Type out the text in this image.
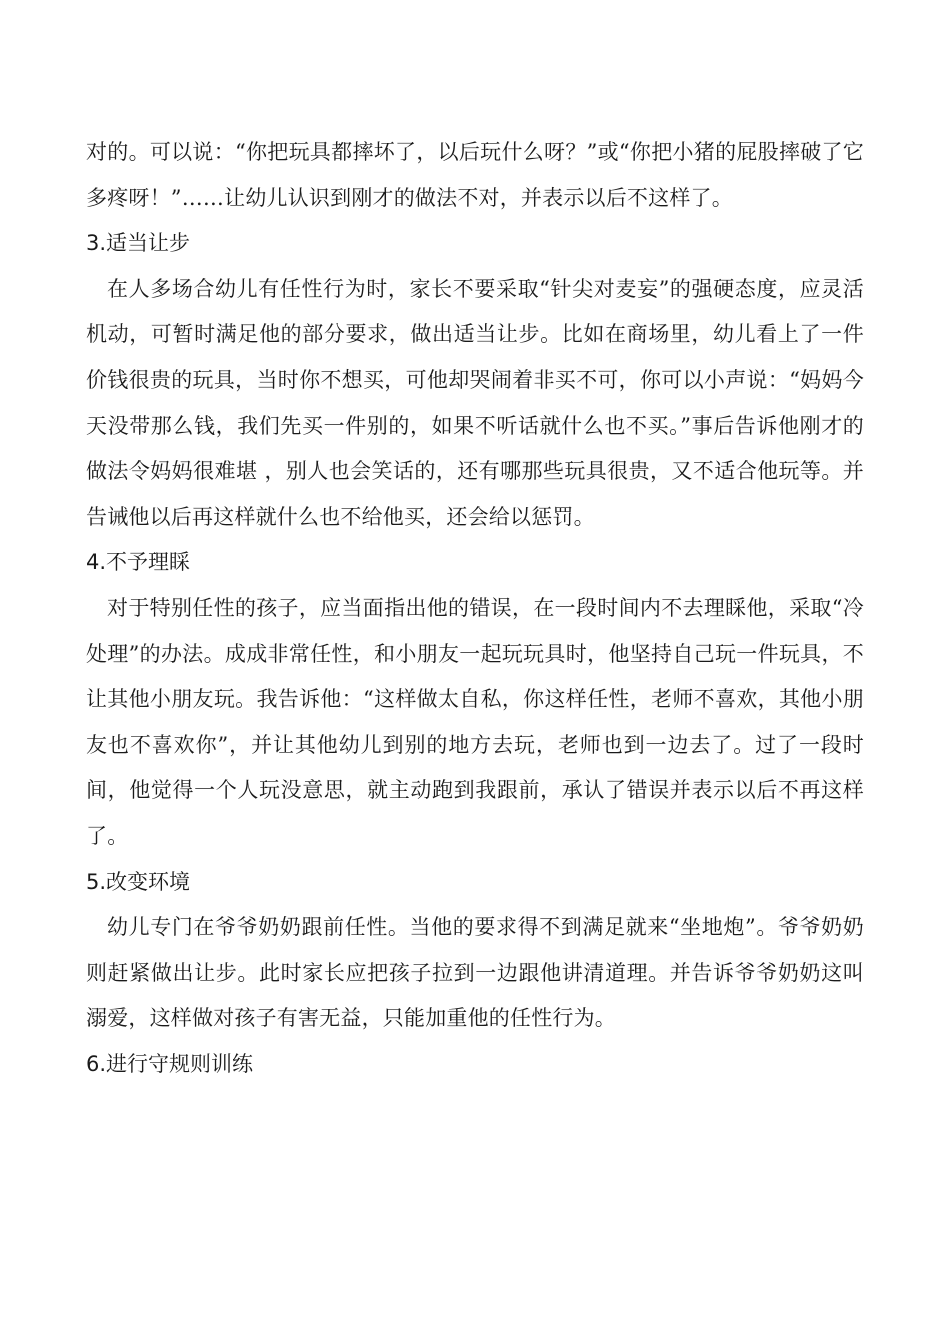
对的。可以说：“你把玩具都摔坏了，以后玩什么呀？”或“你把小猪的屁股摔破了它多疼呀！”……让幼儿认识到刚才的做法不对，并表示以后不这样了。

3.适当让步

在人多场合幼儿有任性行为时，家长不要采取“针尖对麦妄”的强硬态度，应灵活机动，可暂时满足他的部分要求，做出适当让步。比如在商场里，幼儿看上了一件价钱很贵的玩具，当时你不想买，可他却哭闹着非买不可，你可以小声说：“妈妈今天没带那么钱，我们先买一件别的，如果不听话就什么也不买。”事后告诉他刚才的做法令妈妈很难堪 ，别人也会笑话的，还有哪那些玩具很贵，又不适合他玩等。并告诫他以后再这样就什么也不给他买，还会给以惩罚。

4.不予理睬

对于特别任性的孩子，应当面指出他的错误，在一段时间内不去理睬他，采取“冷处理”的办法。成成非常任性，和小朋友一起玩玩具时，他坚持自己玩一件玩具，不让其他小朋友玩。我告诉他：“这样做太自私，你这样任性，老师不喜欢，其他小朋友也不喜欢你”，并让其他幼儿到别的地方去玩，老师也到一边去了。过了一段时间，他觉得一个人玩没意思，就主动跑到我跟前，承认了错误并表示以后不再这样了。

5.改变环境

幼儿专门在爷爷奶奶跟前任性。当他的要求得不到满足就来“坐地炮”。爷爷奶奶则赶紧做出让步。此时家长应把孩子拉到一边跟他讲清道理。并告诉爷爷奶奶这叫溺爱，这样做对孩子有害无益，只能加重他的任性行为。

6.进行守规则训练
